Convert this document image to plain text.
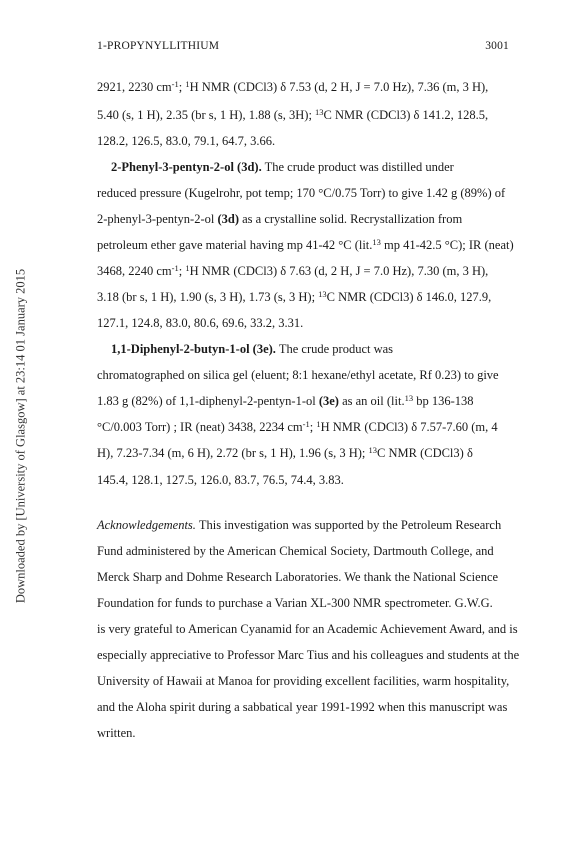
1-PROPYNYLLITHIUM	3001
Downloaded by [University of Glasgow] at 23:14 01 January 2015
2921, 2230 $cm^{-1}$; $^1$H NMR (CDCl3) δ 7.53 (d, 2 H, J = 7.0 Hz), 7.36 (m, 3 H),
5.40 (s, 1 H), 2.35 (br s, 1 H), 1.88 (s, 3H); $^{13}$C NMR (CDCl3) δ 141.2, 128.5,
128.2, 126.5, 83.0, 79.1, 64.7, 3.66.
2-Phenyl-3-pentyn-2-ol (3d). The crude product was distilled under
reduced pressure (Kugelrohr, pot temp; 170 °C/0.75 Torr) to give 1.42 g (89%) of
2-phenyl-3-pentyn-2-ol (3d) as a crystalline solid. Recrystallization from
petroleum ether gave material having mp 41-42 °C (lit.$^{13}$ mp 41-42.5 °C); IR (neat)
3468, 2240 $cm^{-1}$; $^1$H NMR (CDCl3) δ 7.63 (d, 2 H, J = 7.0 Hz), 7.30 (m, 3 H),
3.18 (br s, 1 H), 1.90 (s, 3 H), 1.73 (s, 3 H); $^{13}$C NMR (CDCl3) δ 146.0, 127.9,
127.1, 124.8, 83.0, 80.6, 69.6, 33.2, 3.31.
1,1-Diphenyl-2-butyn-1-ol (3e). The crude product was
chromatographed on silica gel (eluent; 8:1 hexane/ethyl acetate, Rf 0.23) to give
1.83 g (82%) of 1,1-diphenyl-2-pentyn-1-ol (3e) as an oil (lit.$^{13}$ bp 136-138
°C/0.003 Torr) ; IR (neat) 3438, 2234 $cm^{-1}$; $^1$H NMR (CDCl3) δ 7.57-7.60 (m, 4
H), 7.23-7.34 (m, 6 H), 2.72 (br s, 1 H), 1.96 (s, 3 H); $^{13}$C NMR (CDCl3) δ
145.4, 128.1, 127.5, 126.0, 83.7, 76.5, 74.4, 3.83.
Acknowledgements. This investigation was supported by the Petroleum Research
Fund administered by the American Chemical Society, Dartmouth College, and
Merck Sharp and Dohme Research Laboratories. We thank the National Science
Foundation for funds to purchase a Varian XL-300 NMR spectrometer. G.W.G.
is very grateful to American Cyanamid for an Academic Achievement Award, and is
especially appreciative to Professor Marc Tius and his colleagues and students at the
University of Hawaii at Manoa for providing excellent facilities, warm hospitality,
and the Aloha spirit during a sabbatical year 1991-1992 when this manuscript was
written.
